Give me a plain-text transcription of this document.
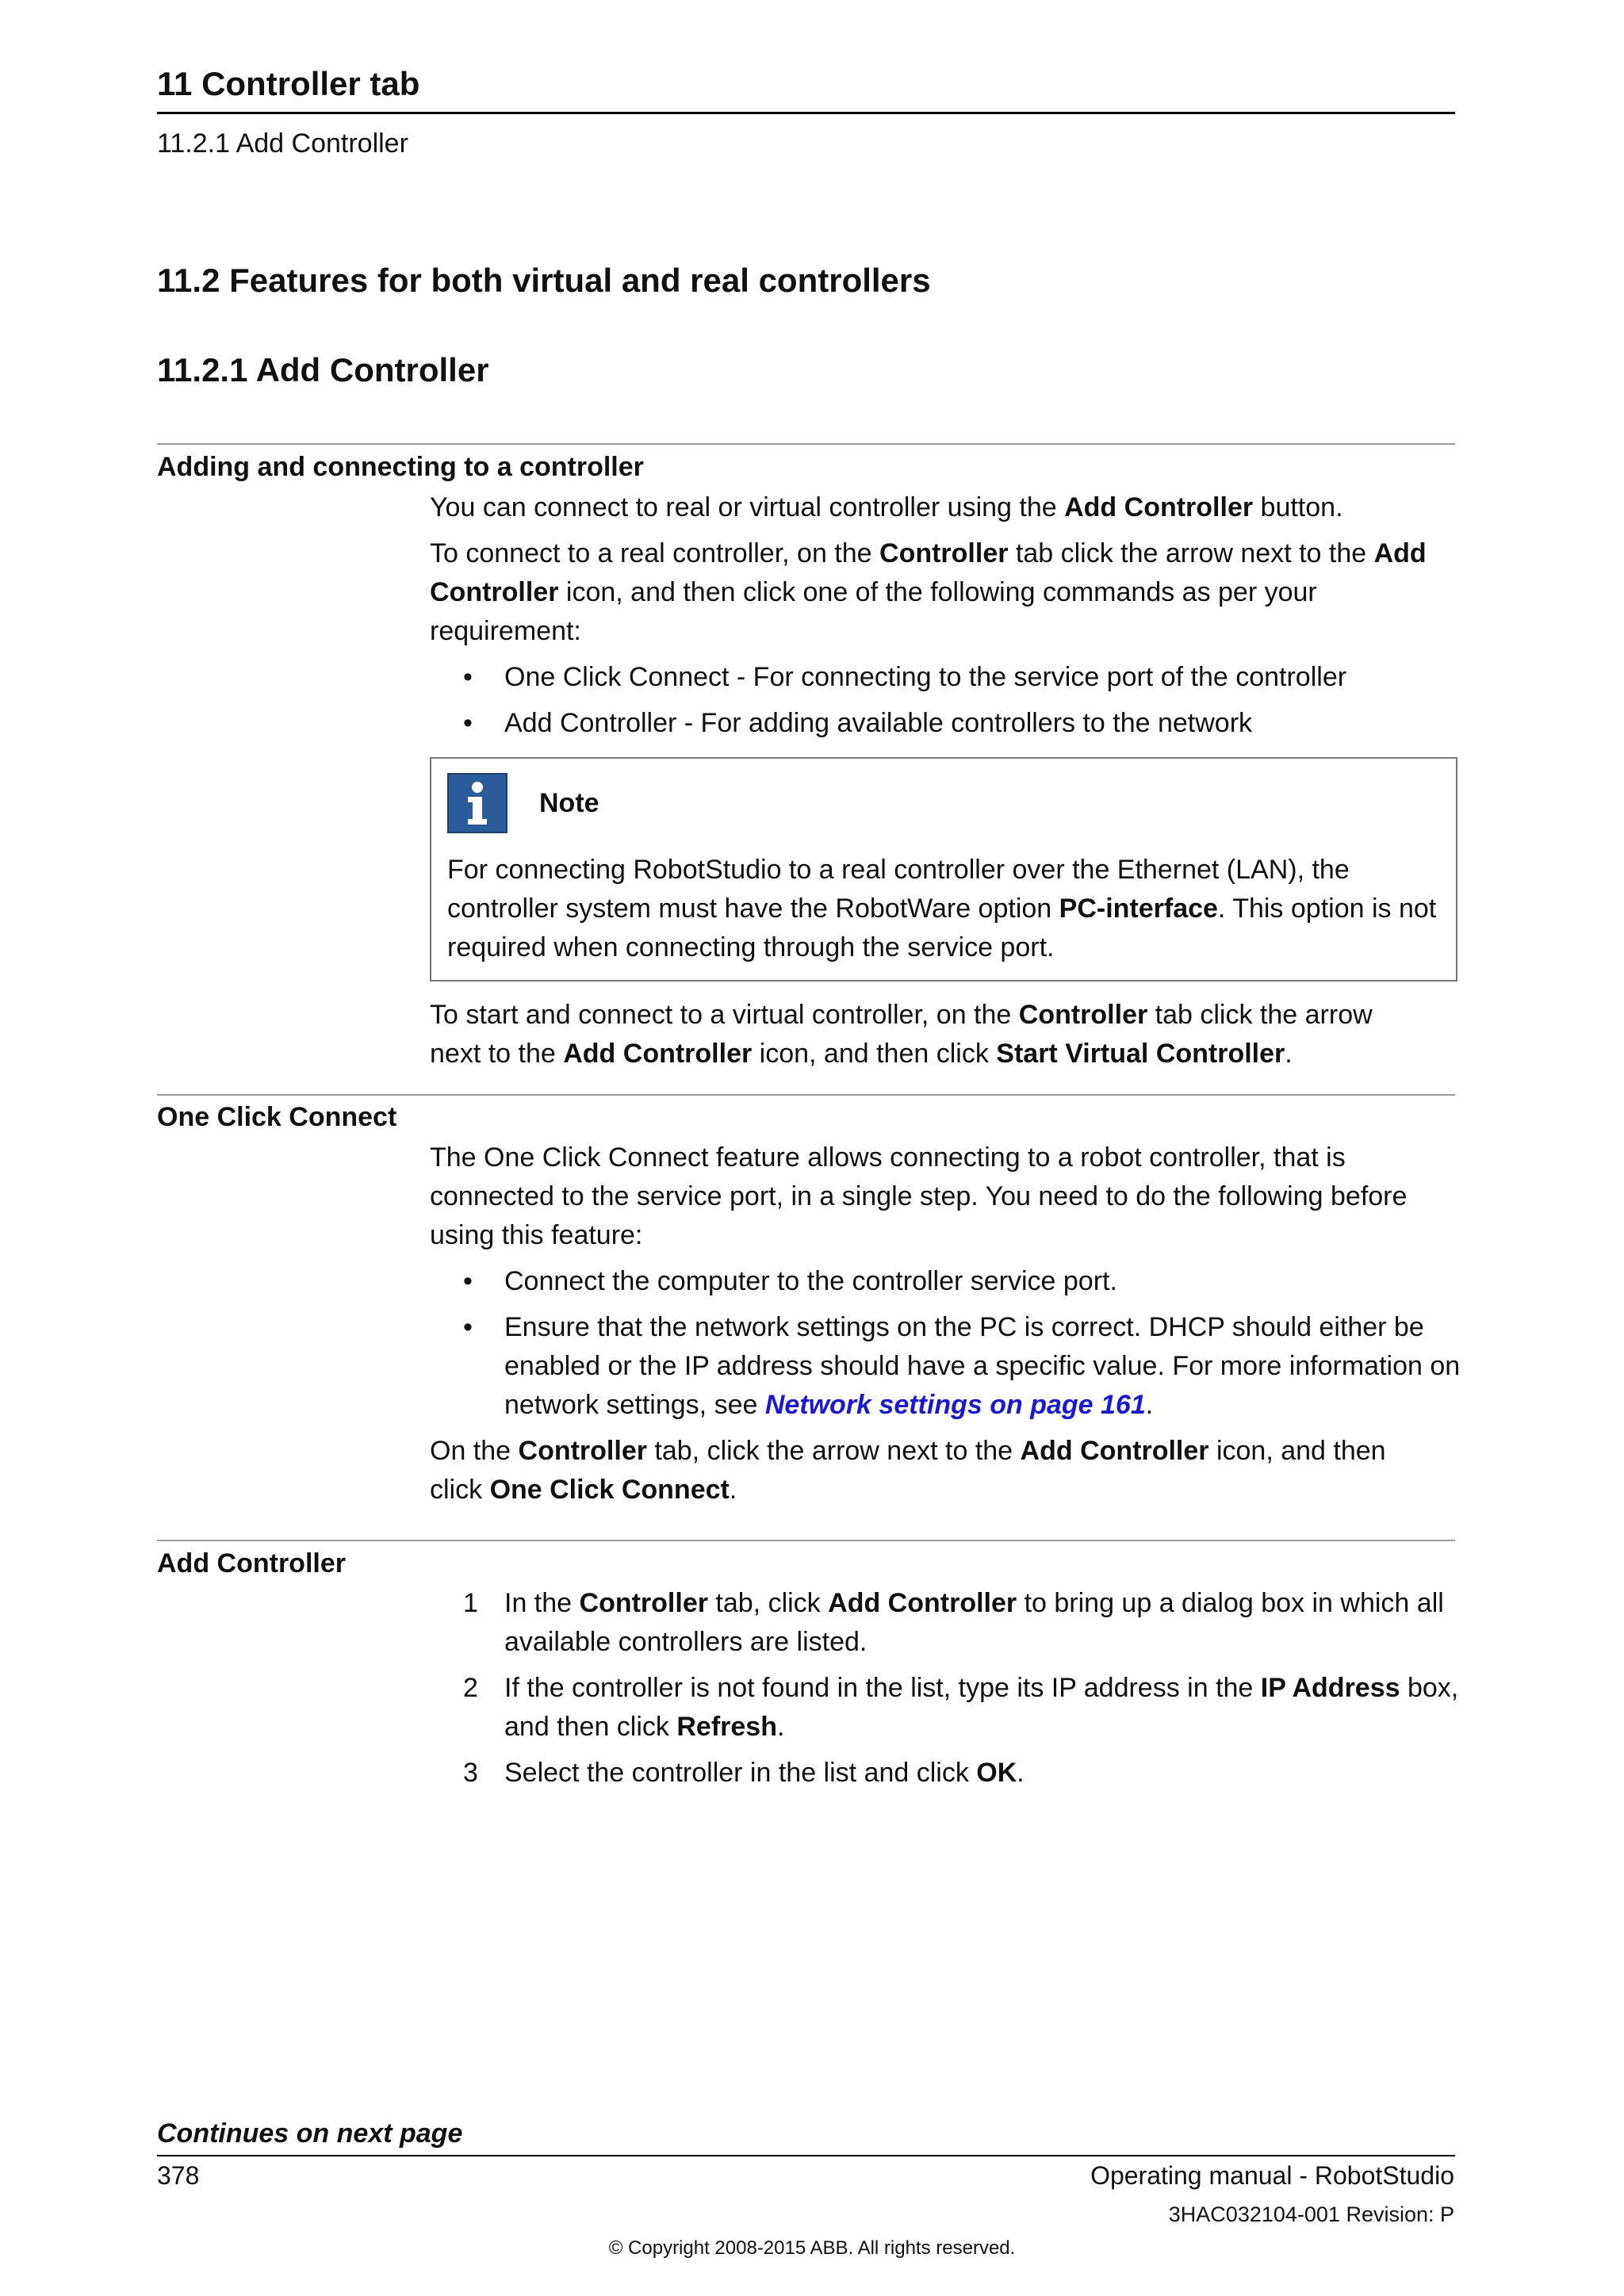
11 Controller tab
11.2.1 Add Controller
11.2 Features for both virtual and real controllers
11.2.1 Add Controller
Adding and connecting to a controller

You can connect to real or virtual controller using the Add Controller button.

To connect to a real controller, on the Controller tab click the arrow next to the Add Controller icon, and then click one of the following commands as per your requirement:

• One Click Connect - For connecting to the service port of the controller
• Add Controller - For adding available controllers to the network
Note
For connecting RobotStudio to a real controller over the Ethernet (LAN), the controller system must have the RobotWare option PC-interface. This option is not required when connecting through the service port.

To start and connect to a virtual controller, on the Controller tab click the arrow next to the Add Controller icon, and then click Start Virtual Controller.

One Click Connect

The One Click Connect feature allows connecting to a robot controller, that is connected to the service port, in a single step. You need to do the following before using this feature:

• Connect the computer to the controller service port.
• Ensure that the network settings on the PC is correct. DHCP should either be enabled or the IP address should have a specific value. For more information on network settings, see Network settings on page 161.

On the Controller tab, click the arrow next to the Add Controller icon, and then click One Click Connect.

Add Controller
1 In the Controller tab, click Add Controller to bring up a dialog box in which all available controllers are listed.
2 If the controller is not found in the list, type its IP address in the IP Address box, and then click Refresh.
3 Select the controller in the list and click OK.
Continues on next page
378	Operating manual - RobotStudio
3HAC032104-001 Revision: P
© Copyright 2008-2015 ABB. All rights reserved.
